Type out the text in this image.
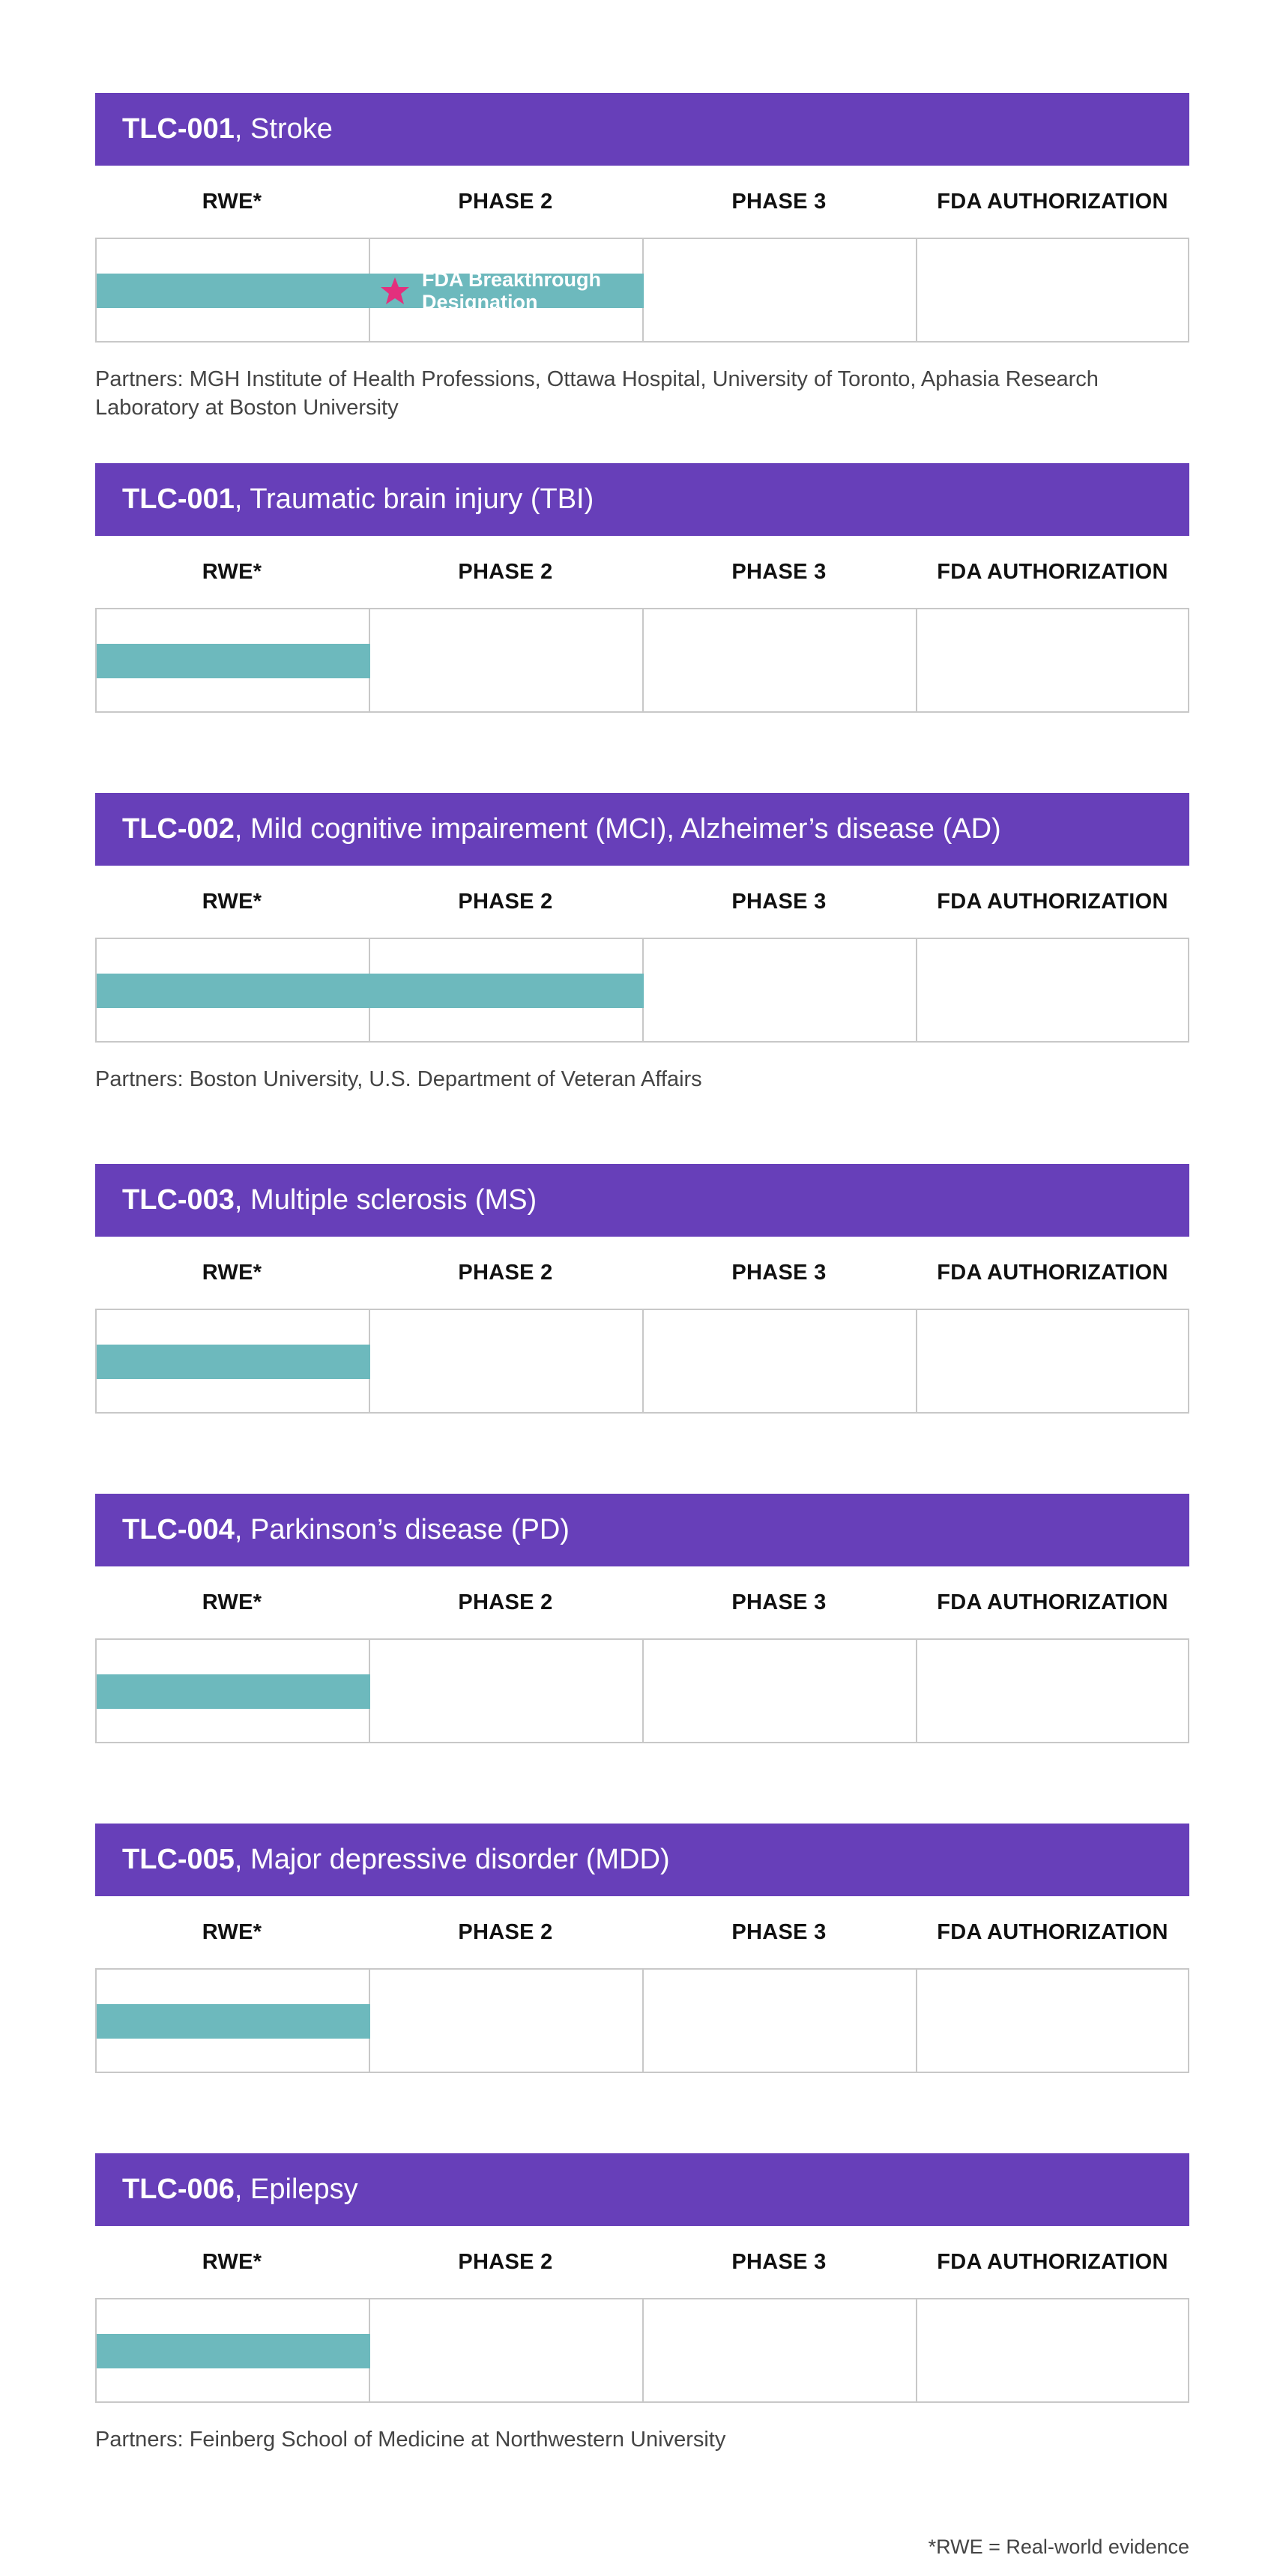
TLC-001 , Stroke
RWE*	PHASE 2	PHASE 3	FDA AUTHORIZATION
FDA Breakthrough Designation
Partners: MGH Institute of Health Professions, Ottawa Hospital, University of Toronto, Aphasia Research Laboratory at Boston University
TLC-001 , Traumatic brain injury (TBI)
RWE*	PHASE 2	PHASE 3	FDA AUTHORIZATION
TLC-002 , Mild cognitive impairement (MCI), Alzheimer’s disease (AD)
RWE*	PHASE 2	PHASE 3	FDA AUTHORIZATION
Partners: Boston University, U.S. Department of Veteran Affairs
TLC-003 , Multiple sclerosis (MS)
RWE*	PHASE 2	PHASE 3	FDA AUTHORIZATION
TLC-004 , Parkinson’s disease (PD)
RWE*	PHASE 2	PHASE 3	FDA AUTHORIZATION
TLC-005 , Major depressive disorder (MDD)
RWE*	PHASE 2	PHASE 3	FDA AUTHORIZATION
TLC-006 , Epilepsy
RWE*	PHASE 2	PHASE 3	FDA AUTHORIZATION
Partners: Feinberg School of Medicine at Northwestern University
*RWE = Real-world evidence
